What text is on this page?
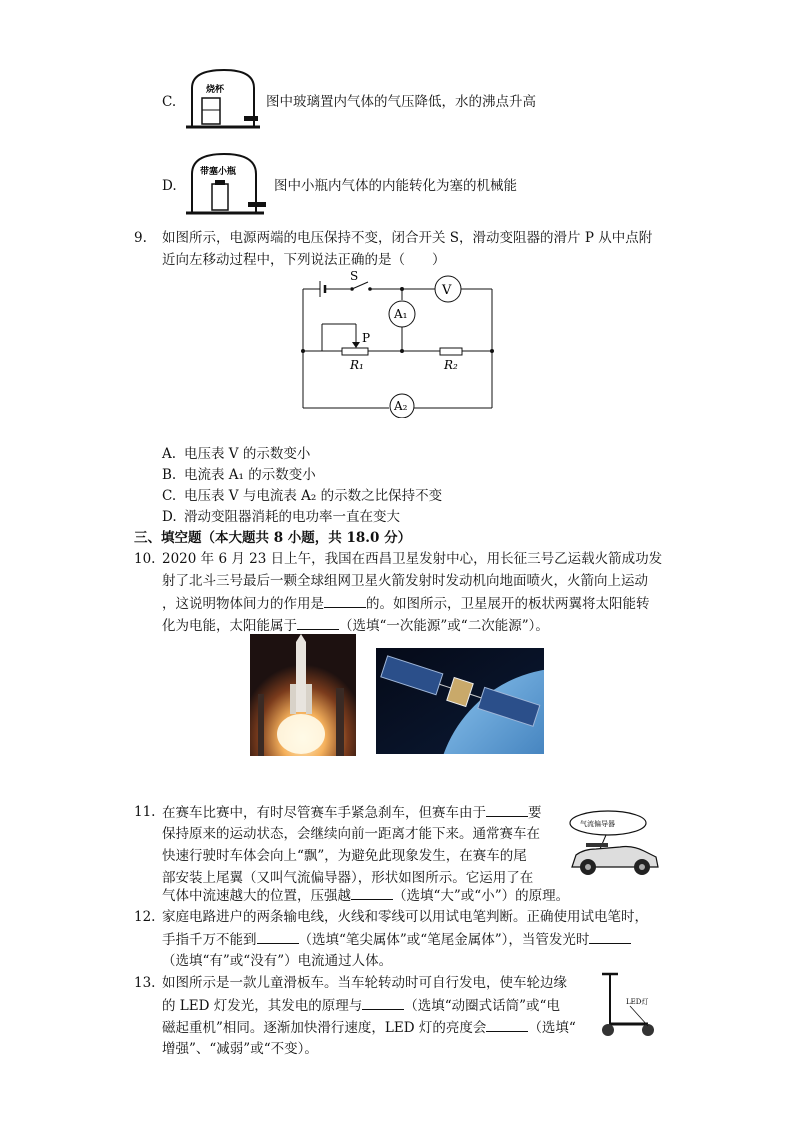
C.
烧杯
图中玻璃置内气体的气压降低，水的沸点升高
D.
带塞小瓶
图中小瓶内气体的内能转化为塞的机械能
9. 如图所示，电源两端的电压保持不变，闭合开关 S，滑动变阻器的滑片 P 从中点附
近向左移动过程中，下列说法正确的是（　　）
S
V
A₁
P
R₁	R₂
A₂
A. 电压表 V 的示数变小
B. 电流表 A₁ 的示数变小
C. 电压表 V 与电流表 A₂ 的示数之比保持不变
D. 滑动变阻器消耗的电功率一直在变大
三、填空题（本大题共 8 小题，共 18.0 分）
10. 2020 年 6 月 23 日上午，我国在西昌卫星发射中心，用长征三号乙运载火箭成功发
射了北斗三号最后一颗全球组网卫星火箭发射时发动机向地面喷火，火箭向上运动
，这说明物体间力的作用是	的。如图所示，卫星展开的板状两翼将太阳能转
化为电能，太阳能属于	（选填“一次能源”或“二次能源”）。
11. 在赛车比赛中，有时尽管赛车手紧急刹车，但赛车由于	要
保持原来的运动状态，会继续向前一距离才能下来。通常赛车在
快速行驶时车体会向上“飘”，为避免此现象发生，在赛车的尾
部安装上尾翼（又叫气流偏导器），形状如图所示。它运用了在
气体中流速越大的位置，压强越	（选填“大”或“小”）的原理。
气流偏导器
12. 家庭电路进户的两条输电线，火线和零线可以用试电笔判断。正确使用试电笔时，
手指千万不能到	（选填“笔尖属体”或“笔尾金属体”），当管发光时
（选填“有”或“没有”）电流通过人体。
13. 如图所示是一款儿童滑板车。当车轮转动时可自行发电，使车轮边缘
的 LED 灯发光，其发电的原理与	（选填“动圈式话筒”或“电
磁起重机”相同。逐渐加快滑行速度，LED 灯的亮度会	（选填“
增强”、“减弱”或“不变）。
LED灯
